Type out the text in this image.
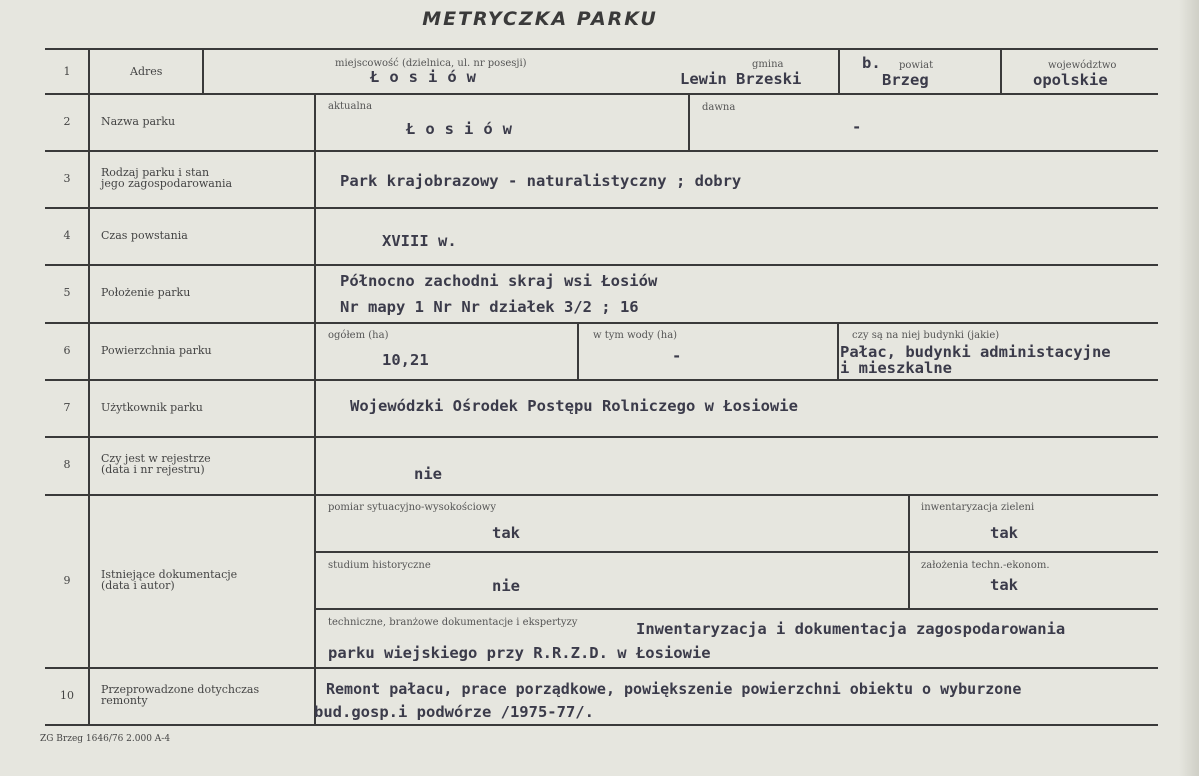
METRYCZKA PARKU
1
2
3
4
5
6
7
8
9
10
Adres
Nazwa parku
Rodzaj parku i stan
jego zagospodarowania
Czas powstania
Położenie parku
Powierzchnia parku
Użytkownik parku
Czy jest w rejestrze
(data i nr rejestru)
Istniejące dokumentacje
(data i autor)
Przeprowadzone dotychczas
remonty
miejscowość (dzielnica, ul. nr posesji)
Łosiów
gmina
Lewin Brzeski
b. powiat
Brzeg
województwo
opolskie
aktualna
Łosiów
dawna
-
Park krajobrazowy - naturalistyczny ; dobry
XVIII w.
Północno zachodni skraj wsi Łosiów
Nr mapy 1 Nr Nr działek 3/2 ; 16
ogółem (ha)
10,21
w tym wody (ha)
-
czy są na niej budynki (jakie)
Pałac, budynki administacyjne
i mieszkalne
Wojewódzki Ośrodek Postępu Rolniczego w Łosiowie
nie
pomiar sytuacyjno-wysokościowy
tak
inwentaryzacja zieleni
tak
studium historyczne
nie
założenia techn.-ekonom.
tak
techniczne, branżowe dokumentacje i ekspertyzy	Inwentaryzacja i dokumentacja zagospodarowania
parku wiejskiego przy R.R.Z.D. w Łosiowie
Remont pałacu, prace porządkowe, powiększenie powierzchni obiektu o wyburzone
bud.gosp.i podwórze /1975-77/.
ZG Brzeg 1646/76 2.000 A-4
